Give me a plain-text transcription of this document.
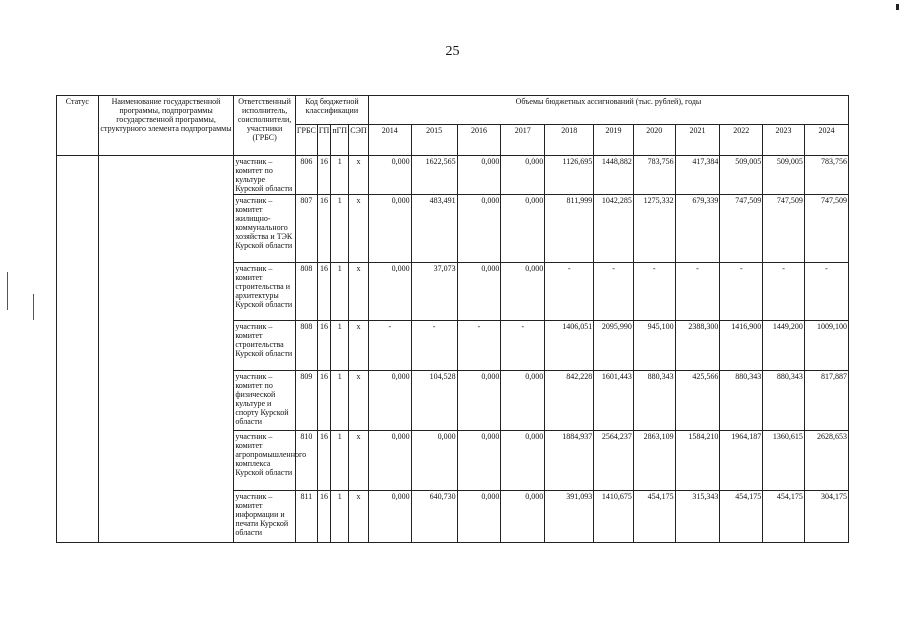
25
Статус	Наименование государственной программы, подпрограммы государственной программы, структурного элемента подпрограммы	Ответственный исполнитель, соисполнители, участники (ГРБС)	Код бюджетной классификации				Объемы бюджетных ассигнований (тыс. рублей), годы										
			ГРБС	ГП	пГП	СЭП	2014	2015	2016	2017	2018	2019	2020	2021	2022	2023	2024
		участник – комитет по культуре Курской области	806	16	1	х	0,000	1622,565	0,000	0,000	1126,695	1448,882	783,756	417,384	509,005	509,005	783,756
		участник – комитет жилищно-коммунального хозяйства и ТЭК Курской области	807	16	1	х	0,000	483,491	0,000	0,000	811,999	1042,285	1275,332	679,339	747,509	747,509	747,509
		участник – комитет строительства и архитектуры Курской области	808	16	1	х	0,000	37,073	0,000	0,000	-	-	-	-	-	-	-
		участник – комитет строительства Курской области	808	16	1	х	-	-	-	-	1406,051	2095,990	945,100	2388,300	1416,900	1449,200	1009,100
		участник – комитет по физической культуре и спорту Курской области	809	16	1	х	0,000	104,528	0,000	0,000	842,228	1601,443	880,343	425,566	880,343	880,343	817,887
		участник – комитет агропромышленного комплекса Курской области	810	16	1	х	0,000	0,000	0,000	0,000	1884,937	2564,237	2863,109	1584,210	1964,187	1360,615	2628,653
		участник – комитет информации и печати Курской области	811	16	1	х	0,000	640,730	0,000	0,000	391,093	1410,675	454,175	315,343	454,175	454,175	304,175
